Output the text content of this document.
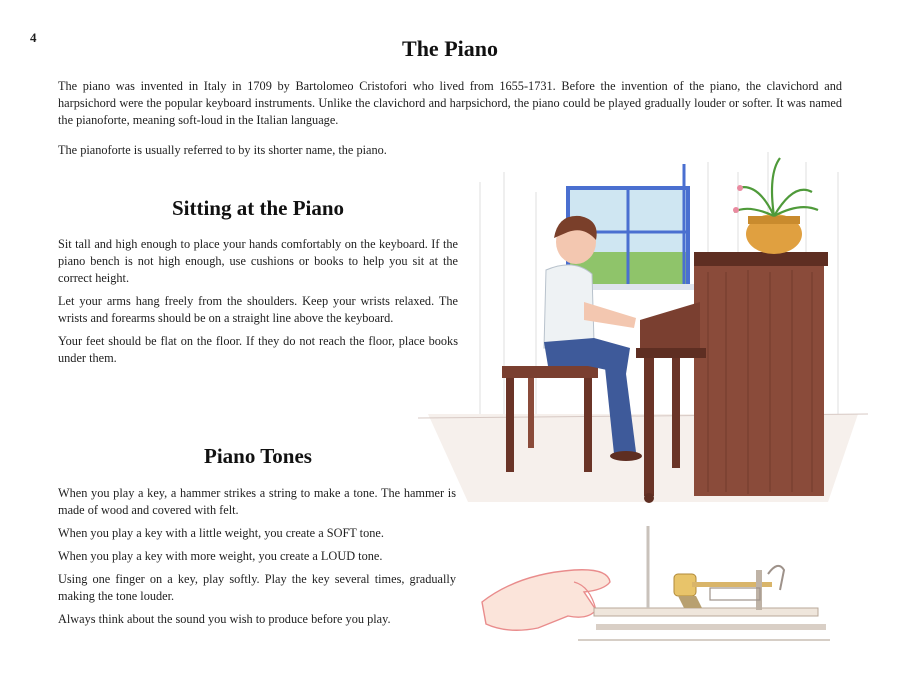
4	The Piano

The piano was invented in Italy in 1709 by Bartolomeo Cristofori who lived from 1655-1731. Before the invention of the piano, the clavichord and harpsichord were the popular keyboard instruments. Unlike the clavichord and harpsichord, the piano could be played gradually louder or softer. It was named the pianoforte, meaning soft-loud in the Italian language.

The pianoforte is usually referred to by its shorter name, the piano.

Sitting at the Piano

Sit tall and high enough to place your hands comfortably on the keyboard. If the piano bench is not high enough, use cushions or books to help you sit at the correct height.

Let your arms hang freely from the shoulders. Keep your wrists relaxed. The wrists and forearms should be on a straight line above the keyboard.

Your feet should be flat on the floor. If they do not reach the floor, place books under them.

Piano Tones

When you play a key, a hammer strikes a string to make a tone. The hammer is made of wood and covered with felt.

When you play a key with a little weight, you create a SOFT tone.

When you play a key with more weight, you create a LOUD tone.

Using one finger on a key, play softly. Play the key several times, gradually making the tone louder.

Always think about the sound you wish to produce before you play.
